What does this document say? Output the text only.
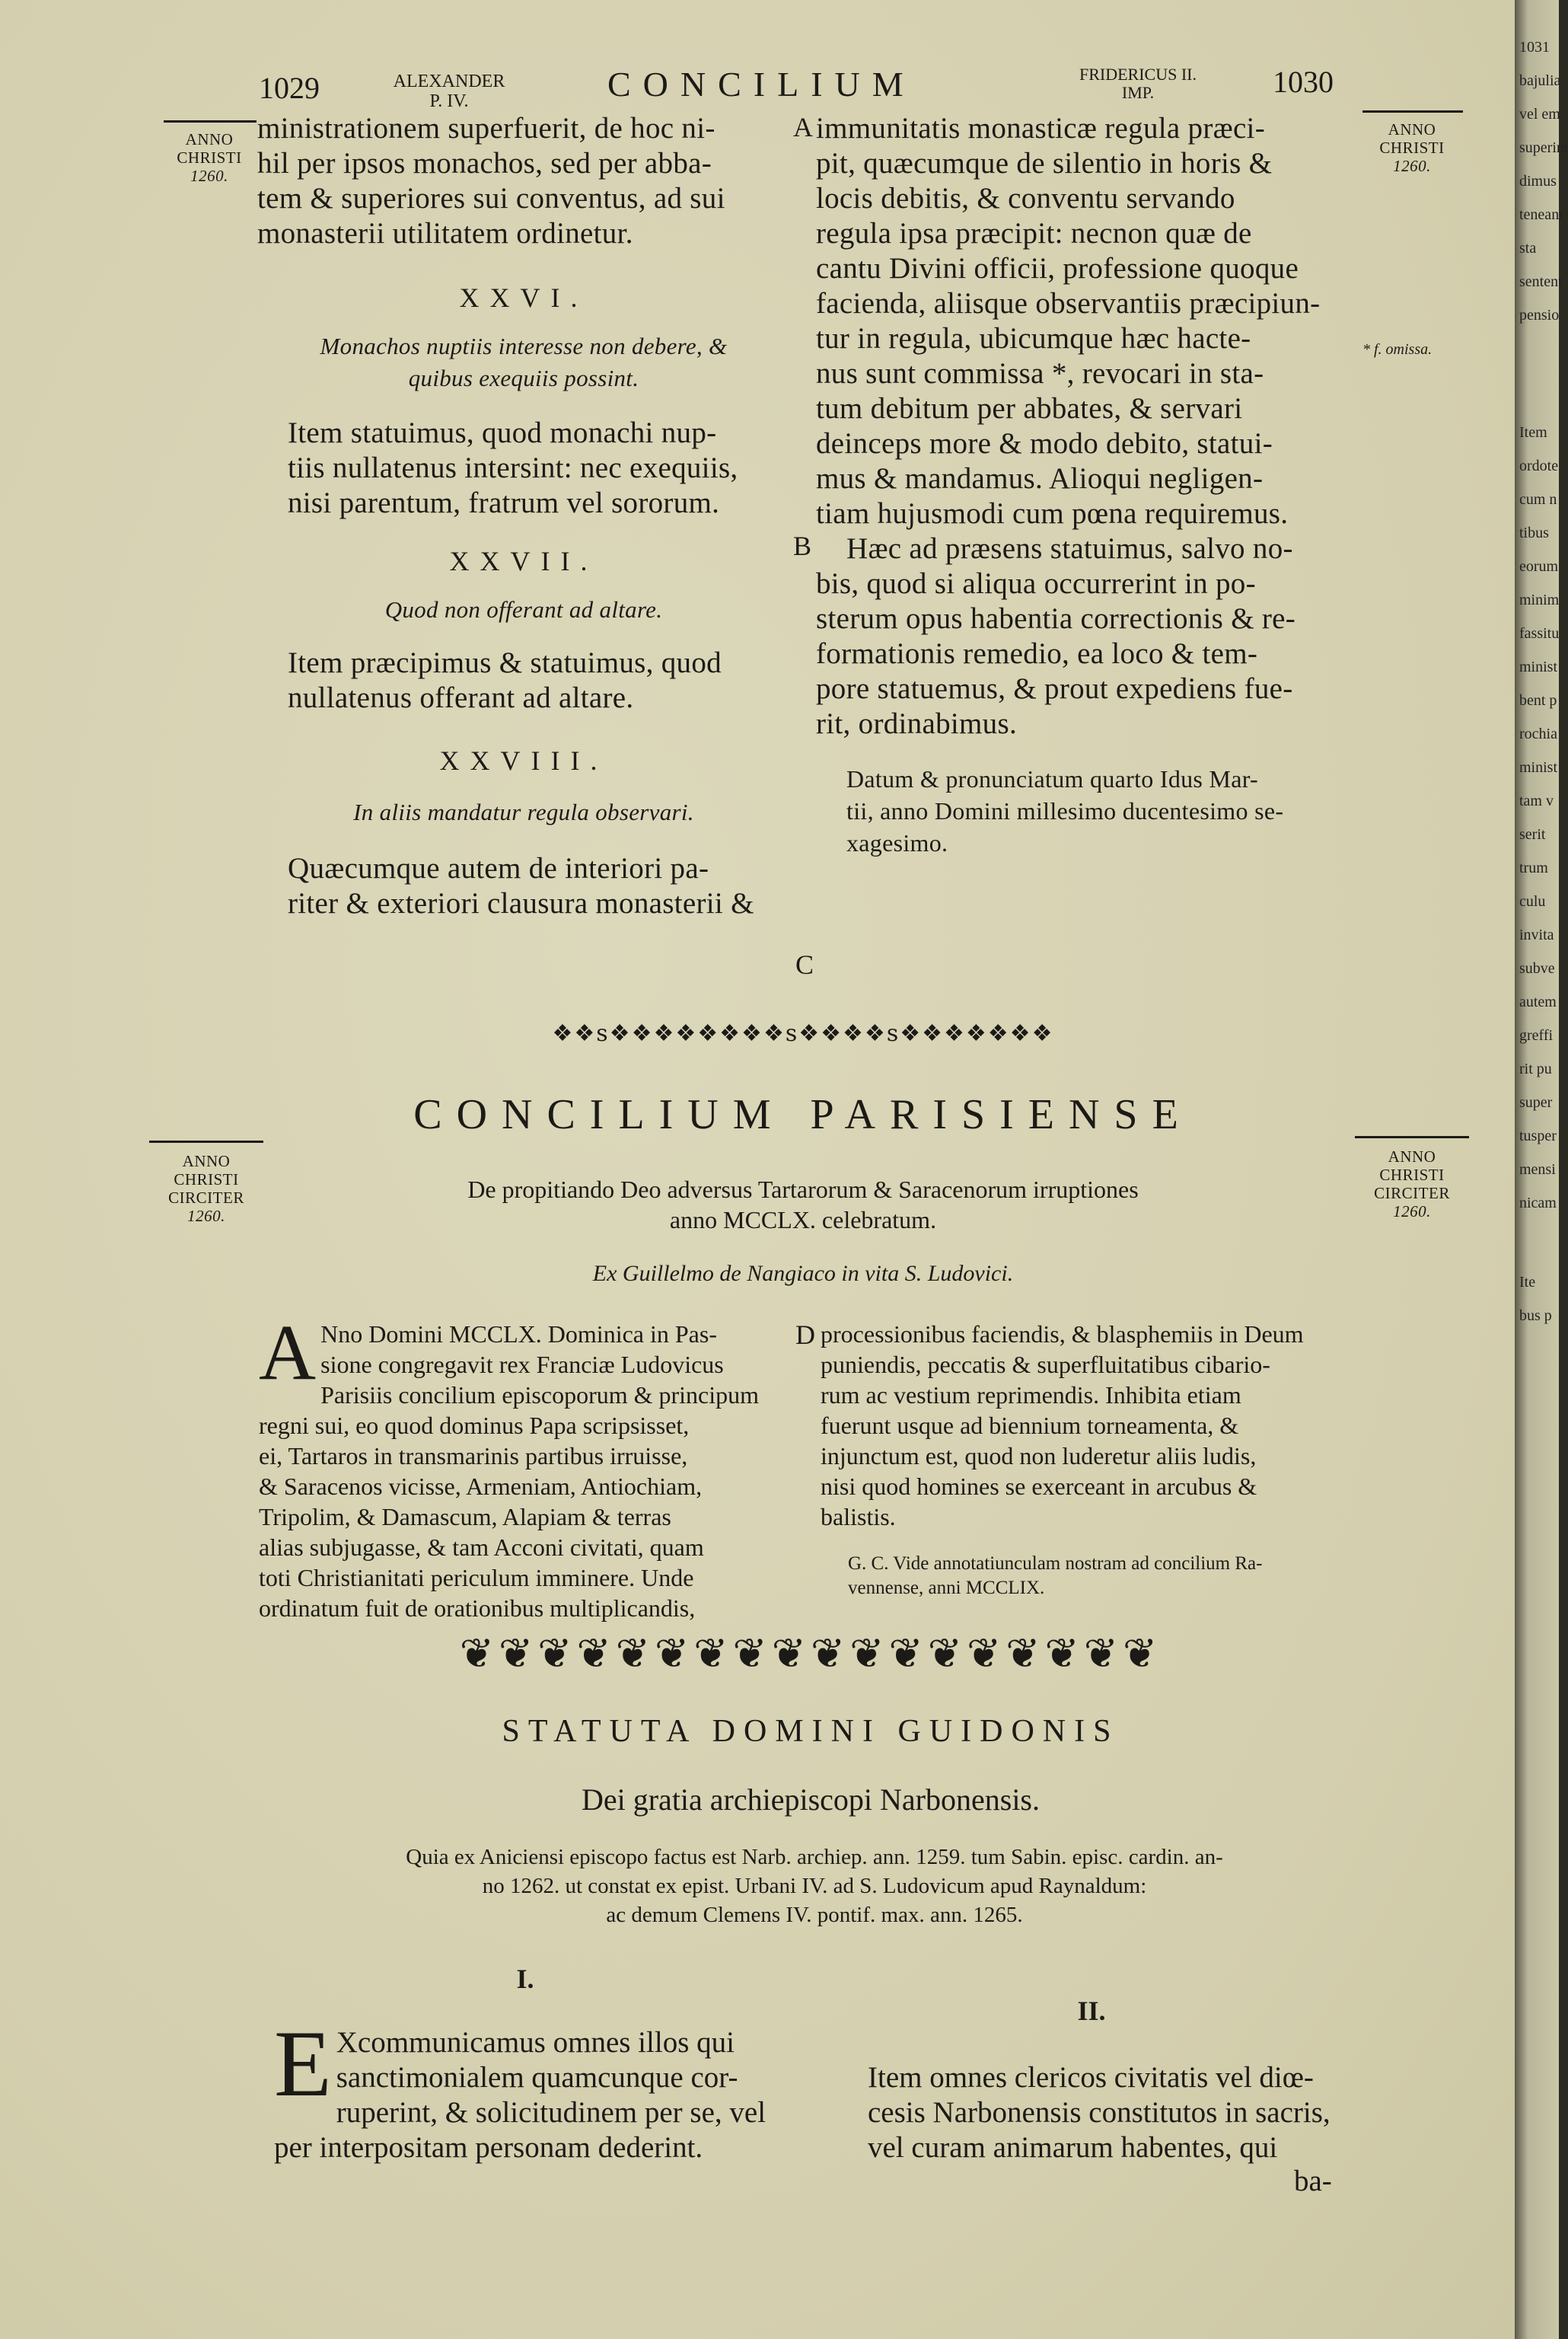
1029	ALEXANDER
P. IV.	CONCILIUM	FRIDERICUS II.
IMP.	1030
ANNO
CHRISTI
1260.
ANNO
CHRISTI
1260.
* f. omissa.
A
B
C
D
ministrationem superfuerit, de hoc ni-
hil per ipsos monachos, sed per abba-
tem & superiores sui conventus, ad sui
monasterii utilitatem ordinetur.
XXVI.
Monachos nuptiis interesse non debere, &
quibus exequiis possint.
Item statuimus, quod monachi nup-
tiis nullatenus intersint: nec exequiis,
nisi parentum, fratrum vel sororum.
XXVII.
Quod non offerant ad altare.
Item præcipimus & statuimus, quod
nullatenus offerant ad altare.
XXVIII.
In aliis mandatur regula observari.
Quæcumque autem de interiori pa-
riter & exteriori clausura monasterii &
immunitatis monasticæ regula præci-
pit, quæcumque de silentio in horis &
locis debitis, & conventu servando
regula ipsa præcipit: necnon quæ de
cantu Divini officii, professione quoque
facienda, aliisque observantiis præcipiun-
tur in regula, ubicumque hæc hacte-
nus sunt commissa *, revocari in sta-
tum debitum per abbates, & servari
deinceps more & modo debito, statui-
mus & mandamus. Alioqui negligen-
tiam hujusmodi cum pœna requiremus.
Hæc ad præsens statuimus, salvo no-
bis, quod si aliqua occurrerint in po-
sterum opus habentia correctionis & re-
formationis remedio, ea loco & tem-
pore statuemus, & prout expediens fue-
rit, ordinabimus.
Datum & pronunciatum quarto Idus Mar-
tii, anno Domini millesimo ducentesimo se-
xagesimo.
❖❖s❖❖❖❖❖❖❖❖s❖❖❖❖s❖❖❖❖❖❖❖
CONCILIUM PARISIENSE
ANNO
CHRISTI
CIRCITER
1260.
ANNO
CHRISTI
CIRCITER
1260.
De propitiando Deo adversus Tartarorum & Saracenorum irruptiones
anno MCCLX. celebratum.
Ex Guillelmo de Nangiaco in vita S. Ludovici.
A Nno Domini MCCLX. Dominica in Pas-
sione congregavit rex Franciæ Ludovicus
Parisiis concilium episcoporum & principum
regni sui, eo quod dominus Papa scripsisset,
ei, Tartaros in transmarinis partibus irruisse,
& Saracenos vicisse, Armeniam, Antiochiam,
Tripolim, & Damascum, Alapiam & terras
alias subjugasse, & tam Acconi civitati, quam
toti Christianitati periculum imminere. Unde
ordinatum fuit de orationibus multiplicandis,
processionibus faciendis, & blasphemiis in Deum
puniendis, peccatis & superfluitatibus cibario-
rum ac vestium reprimendis. Inhibita etiam
fuerunt usque ad biennium torneamenta, &
injunctum est, quod non luderetur aliis ludis,
nisi quod homines se exerceant in arcubus &
balistis.
G. C. Vide annotatiunculam nostram ad concilium Ra-
vennense, anni MCCLIX.
❦❦❦❦❦❦❦❦❦❦❦❦❦❦❦❦❦❦
STATUTA DOMINI GUIDONIS
Dei gratia archiepiscopi Narbonensis.
Quia ex Aniciensi episcopo factus est Narb. archiep. ann. 1259. tum Sabin. episc. cardin. an-
no 1262. ut constat ex epist. Urbani IV. ad S. Ludovicum apud Raynaldum:
ac demum Clemens IV. pontif. max. ann. 1265.
I.
E Xcommunicamus omnes illos qui
sanctimonialem quamcunque cor-
ruperint, & solicitudinem per se, vel
per interpositam personam dederint.
II.
Item omnes clericos civitatis vel diœ-
cesis Narbonensis constitutos in sacris,
vel curam animarum habentes, qui
ba-
1031
bajulia
vel em
superint
dimus
teneant
sta
sentent
pensio
Item
ordote
cum n
tibus
eorum
minim
fassitu
minist
bent p
rochia
minist
tam v
serit
trum
culu
invita
subve
autem
greffi
rit pu
super
tusper
mensi
nicam
Ite
bus p
